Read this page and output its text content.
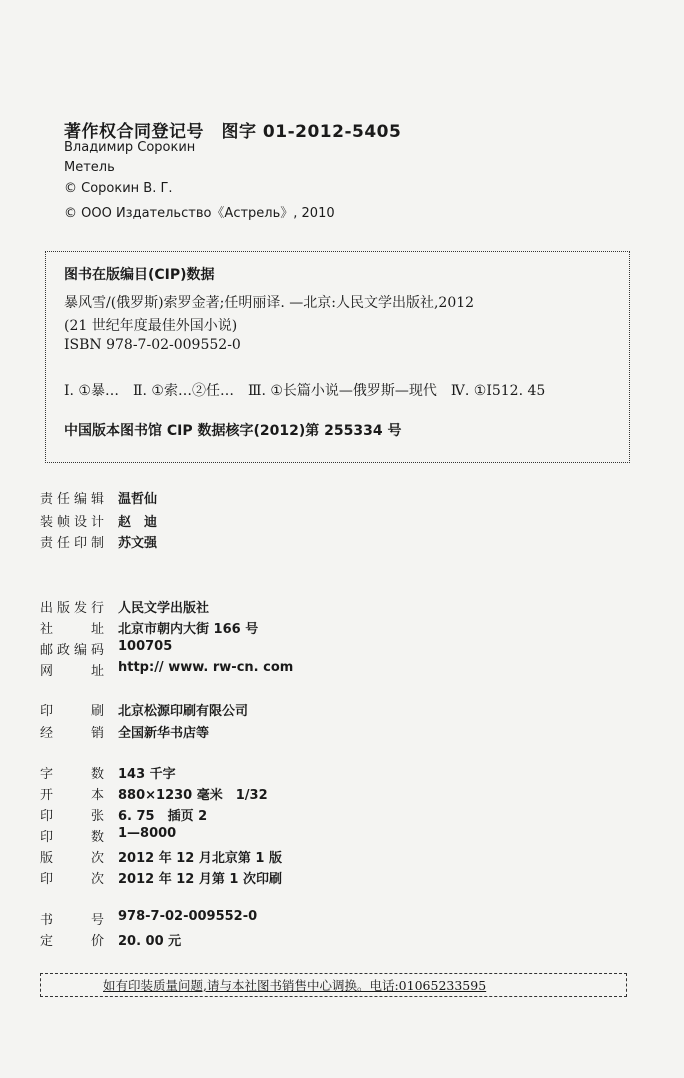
著作权合同登记号　图字 01-2012-5405
Владимир Сорокин
Метель
© Сорокин В. Г.
© ООО Издательство《Астрель》, 2010
图书在版编目(CIP)数据
暴风雪/(俄罗斯)索罗金著;任明丽译. —北京:人民文学出版社,2012
(21 世纪年度最佳外国小说)
ISBN 978-7-02-009552-0
Ⅰ. ①暴…　Ⅱ. ①索…②任…　Ⅲ. ①长篇小说—俄罗斯—现代　Ⅳ. ①I512. 45
中国版本图书馆 CIP 数据核字(2012)第 255334 号
责任编辑 温哲仙
装帧设计 赵　迪
责任印制 苏文强
出版发行 人民文学出版社
社址 北京市朝内大街 166 号
邮政编码 100705
网址 http:// www. rw-cn. com
印刷 北京松源印刷有限公司
经销 全国新华书店等
字数 143 千字
开本 880×1230 毫米　1/32
印张 6. 75　插页 2
印数 1—8000
版次 2012 年 12 月北京第 1 版
印次 2012 年 12 月第 1 次印刷
书号 978-7-02-009552-0
定价 20. 00 元
如有印装质量问题,请与本社图书销售中心调换。电话:01065233595
